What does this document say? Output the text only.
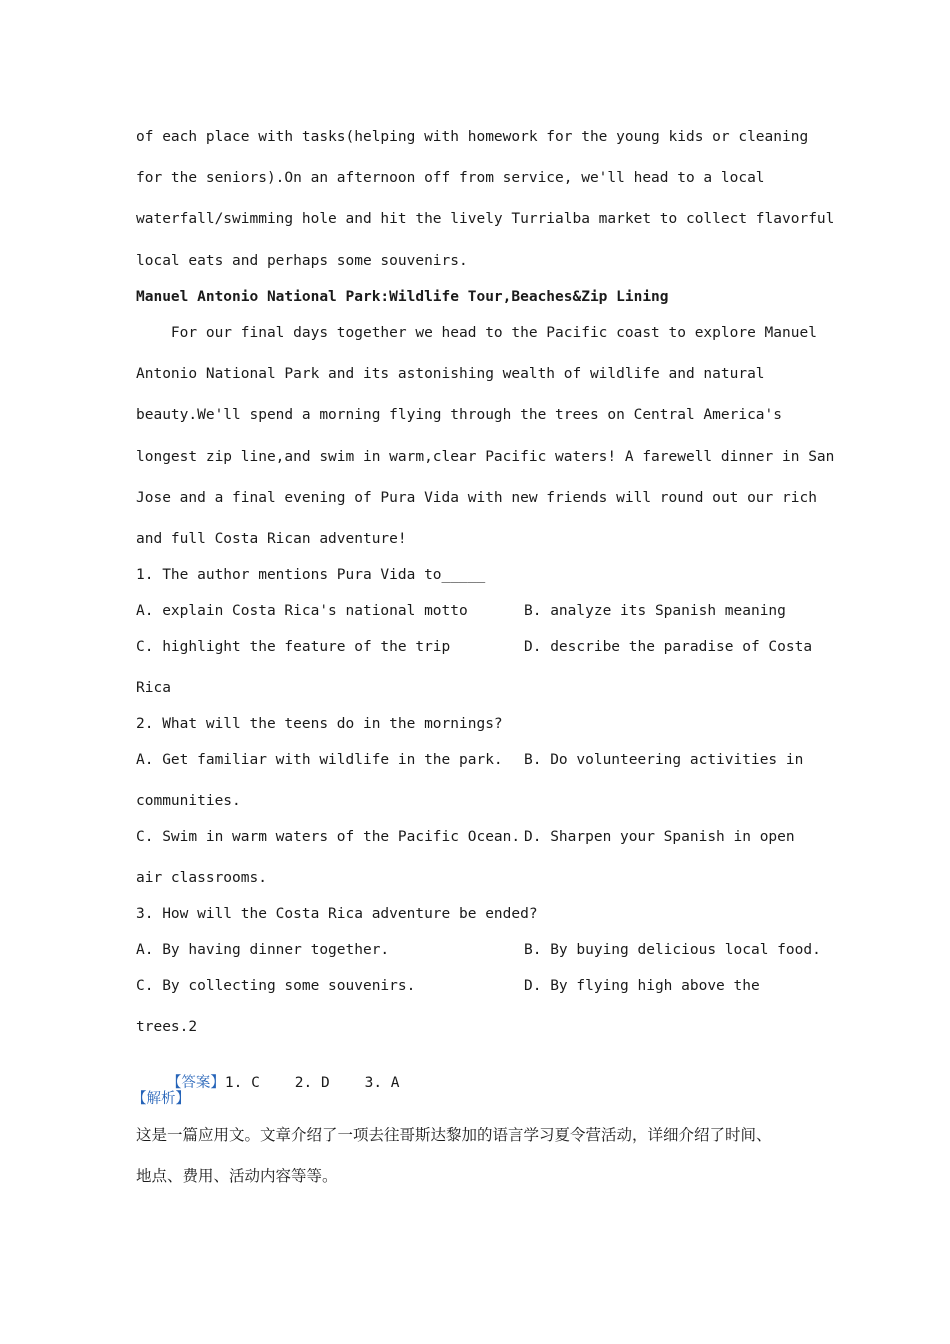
of each place with tasks(helping with homework for the young kids or cleaning
for the seniors).On an afternoon off from service, we'll head to a local
waterfall/swimming hole and hit the lively Turrialba market to collect flavorful
local eats and perhaps some souvenirs.
Manuel Antonio National Park:Wildlife Tour,Beaches&Zip Lining
For our final days together we head to the Pacific coast to explore Manuel
Antonio National Park and its astonishing wealth of wildlife and natural
beauty.We'll spend a morning flying through the trees on Central America's
longest zip line,and swim in warm,clear Pacific waters! A farewell dinner in San
Jose and a final evening of Pura Vida with new friends will round out our rich
and full Costa Rican adventure!
1. The author mentions Pura Vida to_____
A. explain Costa Rica's national motto	B. analyze its Spanish meaning
C. highlight the feature of the trip	D. describe the paradise of Costa
Rica
2. What will the teens do in the mornings?
A. Get familiar with wildlife in the park. B. Do volunteering activities in
communities.
C. Swim in warm waters of the Pacific Ocean. D. Sharpen your Spanish in open
air classrooms.
3. How will the Costa Rica adventure be ended?
A. By having dinner together.	B. By buying delicious local food.
C. By collecting some souvenirs.	D. By flying high above the
trees.2

【答案】1. C    2. D    3. A

【解析】
这是一篇应用文。文章介绍了一项去往哥斯达黎加的语言学习夏令营活动，详细介绍了时间、
地点、费用、活动内容等等。
